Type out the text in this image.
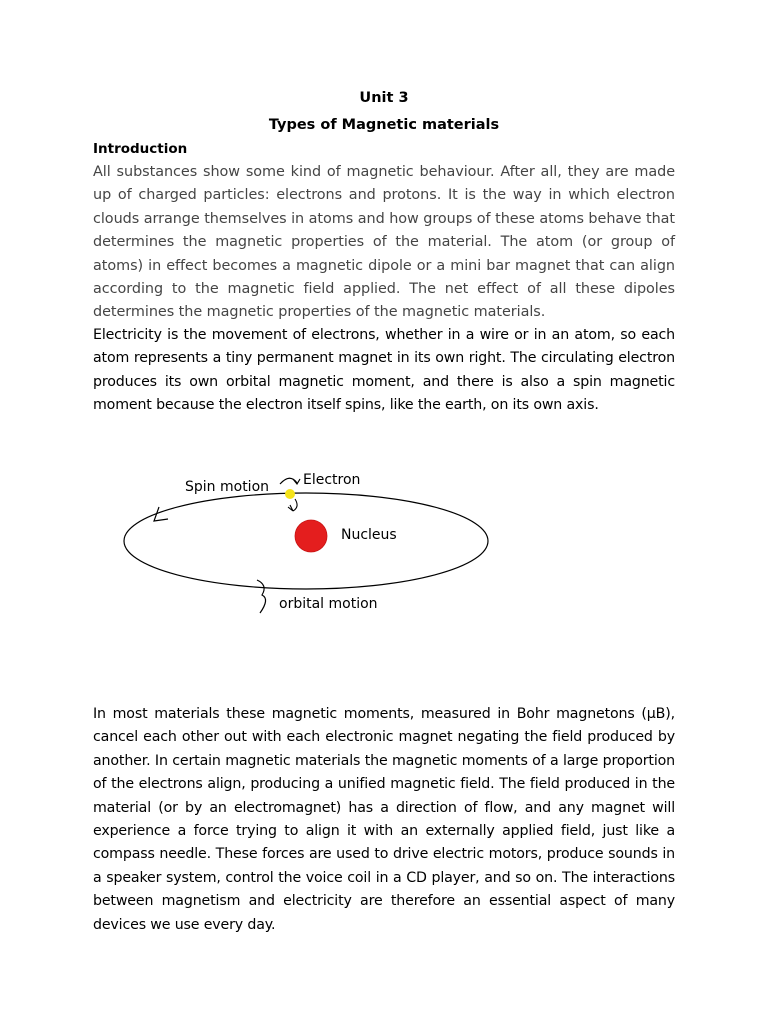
Unit 3
Types of Magnetic materials
Introduction

All substances show some kind of magnetic behaviour. After all, they are made up of charged particles: electrons and protons. It is the way in which electron clouds arrange themselves in atoms and how groups of these atoms behave that determines the magnetic properties of the material. The atom (or group of atoms) in effect becomes a magnetic dipole or a mini bar magnet that can align according to the magnetic field applied. The net effect of all these dipoles determines the magnetic properties of the magnetic materials.

Electricity is the movement of electrons, whether in a wire or in an atom, so each atom represents a tiny permanent magnet in its own right. The circulating electron produces its own orbital magnetic moment, and there is also a spin magnetic moment because the electron itself spins, like the earth, on its own axis.

Spin motion Electron
Nucleus
orbital motion

In most materials these magnetic moments, measured in Bohr magnetons (μB), cancel each other out with each electronic magnet negating the field produced by another. In certain magnetic materials the magnetic moments of a large proportion of the electrons align, producing a unified magnetic field. The field produced in the material (or by an electromagnet) has a direction of flow, and any magnet will experience a force trying to align it with an externally applied field, just like a compass needle. These forces are used to drive electric motors, produce sounds in a speaker system, control the voice coil in a CD player, and so on. The interactions between magnetism and electricity are therefore an essential aspect of many devices we use every day.
